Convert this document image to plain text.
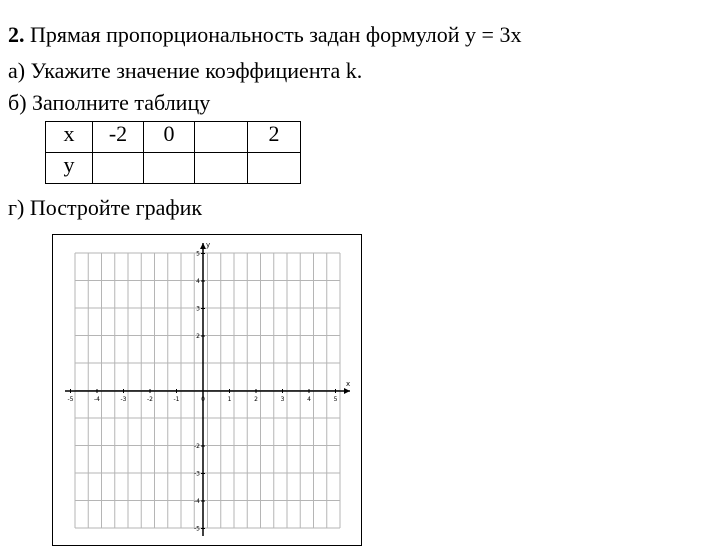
2. Прямая пропорциональность задан формулой y = 3x
а) Укажите значение коэффициента k.
б) Заполните таблицу
x	-2	0		2
y				
г) Постройте график
x
y
-5	-4	-3	-2	-1	0	1	2	3	4	5
5
4
3
2
-2
-3
-4
-5
